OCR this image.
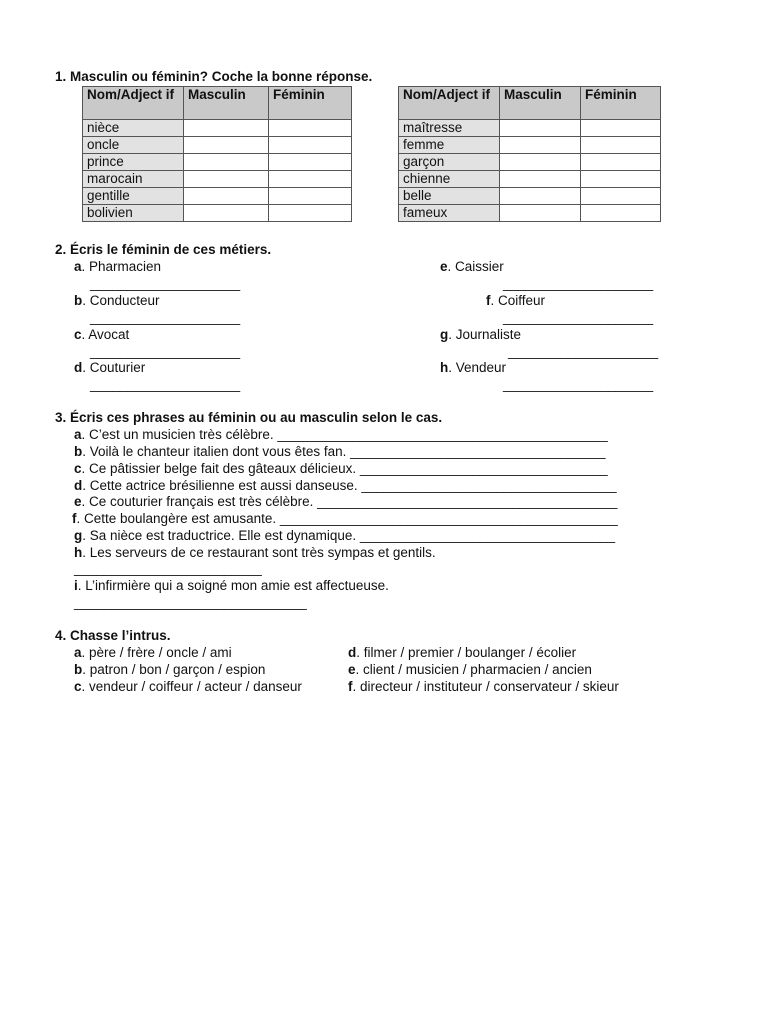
1. Masculin ou féminin? Coche la bonne réponse.
Nom/Adject if	Masculin	Féminin
nièce		
oncle		
prince		
marocain		
gentille		
bolivien		
Nom/Adject if	Masculin	Féminin
maîtresse		
femme		
garçon		
chienne		
belle		
fameux		
2. Écris le féminin de ces métiers.
a. Pharmacien
____________________
b. Conducteur
____________________
c. Avocat
____________________
d. Couturier
____________________
e. Caissier
____________________
f. Coiffeur
____________________
g. Journaliste
____________________
h. Vendeur
____________________
3. Écris ces phrases au féminin ou au masculin selon le cas.
a. C’est un musicien très célèbre. ____________________________________________
b. Voilà le chanteur italien dont vous êtes fan. __________________________________
c. Ce pâtissier belge fait des gâteaux délicieux. _________________________________
d. Cette actrice brésilienne est aussi danseuse. __________________________________
e. Ce couturier français est très célèbre. ________________________________________
f. Cette boulangère est amusante. _____________________________________________
g. Sa nièce est traductrice. Elle est dynamique. __________________________________
h. Les serveurs de ce restaurant sont très sympas et gentils.
_________________________
i. L’infirmière qui a soigné mon amie est affectueuse.
_______________________________
4. Chasse l’intrus.
a. père / frère / oncle / ami
b. patron / bon / garçon / espion
c. vendeur / coiffeur / acteur / danseur
d. filmer / premier / boulanger / écolier
e. client / musicien / pharmacien / ancien
f. directeur / instituteur / conservateur / skieur
